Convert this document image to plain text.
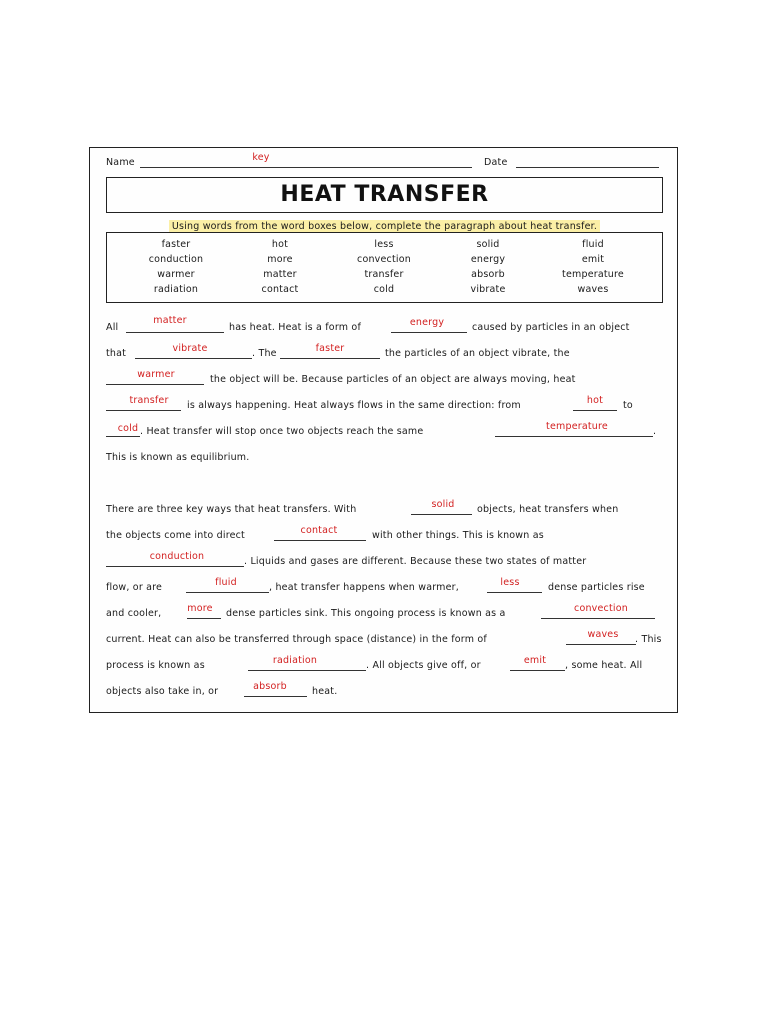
Name	key	Date
HEAT TRANSFER
Using words from the word boxes below, complete the paragraph about heat transfer.
faster	hot	less	solid	fluid
conduction	more	convection	energy	emit
warmer	matter	transfer	absorb	temperature
radiation	contact	cold	vibrate	waves
All
matter
has heat. Heat is a form of	energy	caused by particles in an object
that	vibrate	. The	faster	the particles of an object vibrate, the
warmer	the object will be. Because particles of an object are always moving, heat
transfer is always happening. Heat always flows in the same direction: from	hot to
cold . Heat transfer will stop once two objects reach the same	temperature	.
This is known as equilibrium.
There are three key ways that heat transfers. With	solid objects, heat transfers when
the objects come into direct	contact	with other things. This is known as
conduction	. Liquids and gases are different. Because these two states of matter
flow, or are	fluid	, heat transfer happens when warmer,	less	dense particles rise
and cooler,	more dense particles sink. This ongoing process is known as a	convection
current. Heat can also be transferred through space (distance) in the form of	waves . This
process is known as	radiation	. All objects give off, or	emit , some heat. All
objects also take in, or	absorb	heat.
